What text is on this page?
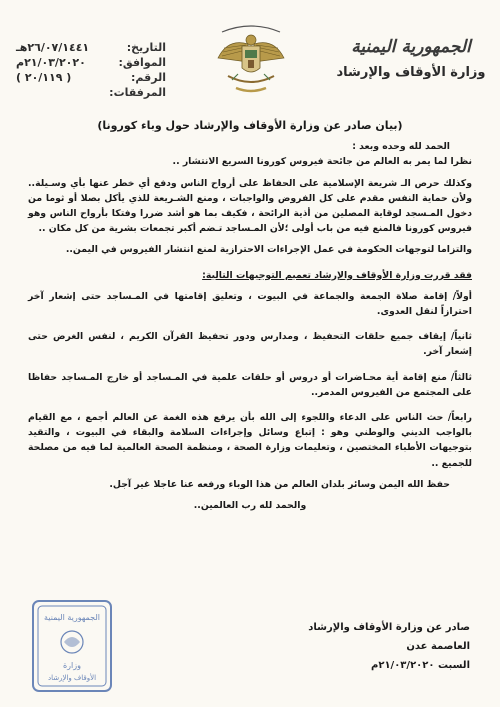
الجمهورية اليمنية
وزارة الأوقاف والإرشاد
التاريخ:
٢٦/٠٧/١٤٤١هـ
الموافق:
٢١/٠٣/٢٠٢٠م
الرقم:
( ٢٠/١١٩ )
المرفقات:

(بيان صادر عن وزارة الأوقاف والإرشاد حول وباء كورونا)

الحمد لله وحده وبعد :

نظرا لما يمر به العالم من جائحة فيروس كورونا السريع الانتشار ..

وكذلك حرص الـ شريعة الإسلامية على الحفاظ على أرواح الناس ودفع أي خطر عنها بأي وسـيلة.. ولأن حماية النفس مقدم على كل الفروض والواجبات ، ومنع الشـريعة للذي يأكل بصلا أو ثوما من دخول المـسجد لوقاية المصلين من أذية الرائحة ، فكيف بما هو أشد ضررا وفتكا بأرواح الناس وهو فيروس كورونا فالمنع فيه من باب أولى ؛لأن المـساجد تـضم أكبر تجمعات بشرية من كل مكان ..

والتزاما لتوجهات الحكومة في عمل الإجراءات الاحترازية لمنع انتشار الفيروس في اليمن..

فقد قررت وزارة الأوقاف والإرشاد تعميم التوجيهات التالية:

أولاً/ إقامة صلاة الجمعة والجماعة في البيوت ، وتعليق إقامتها في المـساجد حتى إشعار آخر احترازاً لنقل العدوى.

ثانياً/ إيقاف جميع حلقات التحفيظ ، ومدارس ودور تحفيظ القرآن الكريم ، لنفس الغرض حتى إشعار آخر.

ثالثاً/ منع إقامة أية محـاضرات أو دروس أو حلقات علمية في المـساجد أو خارج المـساجد حفاظا على المجتمع من الفيروس المدمر..

رابعاً/ حث الناس على الدعاء واللجوء إلى الله بأن يرفع هذه الغمة عن العالم أجمع ، مع القيام بالواجب الديني والوطني وهو : إتباع وسائل وإجراءات السلامة والبقاء في البيوت ، والتقيد بتوجيهات الأطباء المختصين ، وتعليمات وزارة الصحة ، ومنظمة الصحة العالمية لما فيه من مصلحة للجميع ..

حفظ الله اليمن وسائر بلدان العالم من هذا الوباء ورفعه عنا عاجلا غير آجل.

والحمد لله رب العالمين..

صادر عن وزارة الأوقاف والإرشاد
العاصمة عدن
السبت ٢١/٠٣/٢٠٢٠م
الجمهورية اليمنية
وزارة
الأوقاف والإرشاد
